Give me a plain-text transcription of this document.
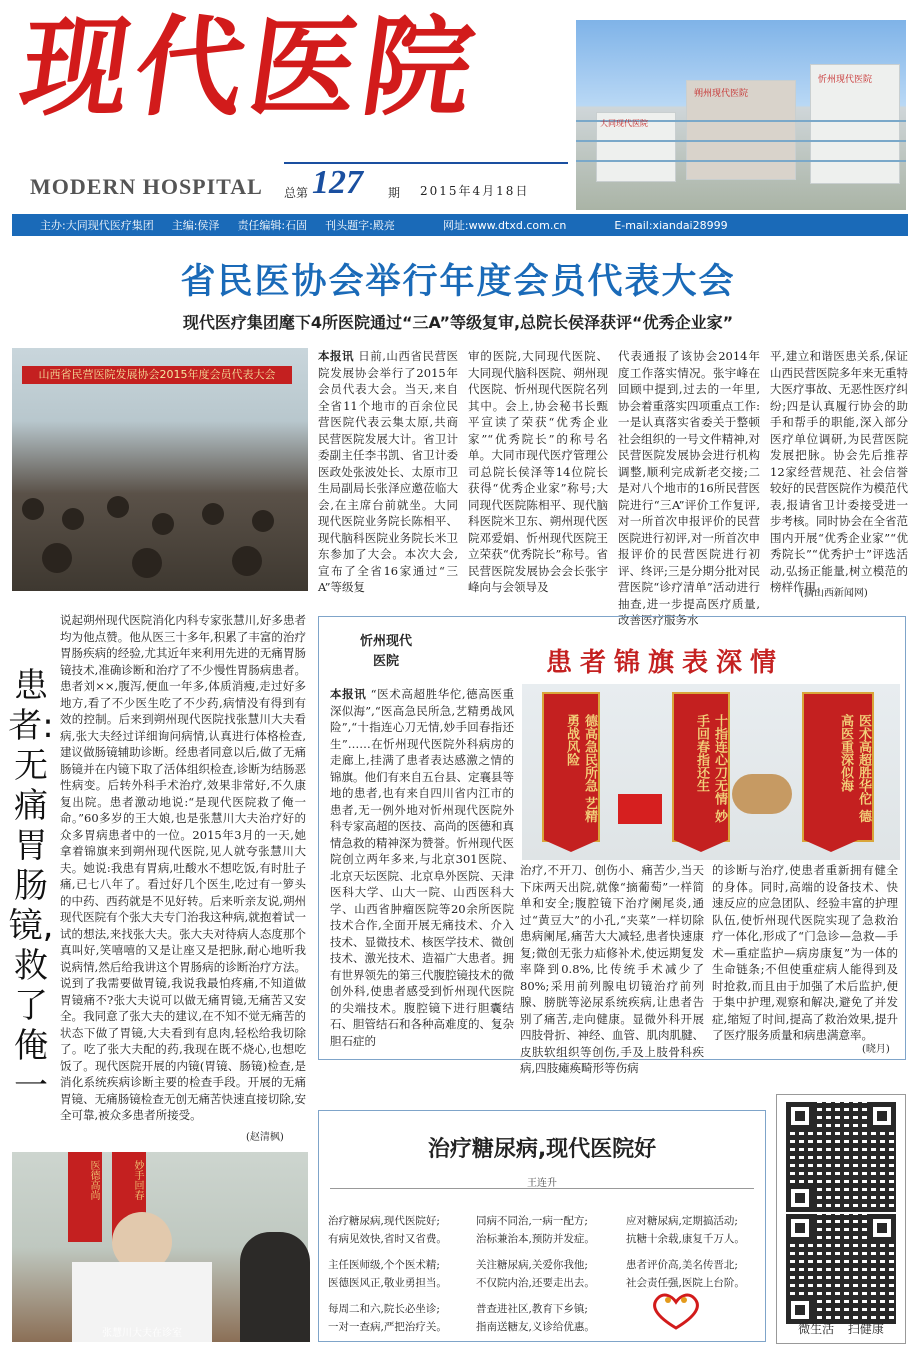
现代医院
MODERN HOSPITAL 总第 127 期 2015年4月18日
大同现代医院
朔州现代医院
忻州现代医院
主办:大同现代医疗集团 主编:侯泽 责任编辑:石固 刊头题字:殿亮	网址:www.dtxd.com.cn	E-mail:xiandai28999
省民医协会举行年度会员代表大会
现代医疗集团麾下4所医院通过“三A”等级复审,总院长侯泽获评“优秀企业家”
山西省民营医院发展协会2015年度会员代表大会
本报讯 日前,山西省民营医院发展协会举行了2015年会员代表大会。当天,来自全省11个地市的百余位民营医院代表云集太原,共商民营医院发展大计。省卫计委副主任李书凯、省卫计委医政处张波处长、太原市卫生局副局长张泽应邀莅临大会,在主席台前就坐。大同现代医院业务院长陈相平、现代脑科医院业务院长米卫东参加了大会。本次大会,宣布了全省16家通过“三A”等级复
审的医院,大同现代医院、大同现代脑科医院、朔州现代医院、忻州现代医院名列其中。会上,协会秘书长甄平宣读了荣获“优秀企业家”“优秀院长”的称号名单。大同市现代医疗管理公司总院长侯泽等14位院长获得“优秀企业家”称号;大同现代医院陈相平、现代脑科医院米卫东、朔州现代医院邓爱娟、忻州现代医院王立荣获“优秀院长”称号。省民营医院发展协会会长张宇峰向与会领导及
代表通报了该协会2014年度工作落实情况。张宇峰在回顾中提到,过去的一年里,协会着重落实四项重点工作:一是认真落实省委关于整顿社会组织的一号文件精神,对民营医院发展协会进行机构调整,顺利完成新老交接;二是对八个地市的16所民营医院进行“三A”评价工作复评,对一所首次申报评价的民营医院进行初评,对一所首次申报评价的民营医院进行初评、终评;三是分期分批对民营医院“诊疗清单”活动进行抽查,进一步提高医疗质量,改善医疗服务水
平,建立和谐医患关系,保证山西民营医院多年来无重特大医疗事故、无恶性医疗纠纷;四是认真履行协会的助手和帮手的职能,深入部分医疗单位调研,为民营医院发展把脉。协会先后推荐12家经营规范、社会信誉较好的民营医院作为模范代表,报请省卫计委接受进一步考核。同时协会在全省范围内开展“优秀企业家”“优秀院长”“优秀护士”评选活动,弘扬正能量,树立模范的榜样作用。
(摘山西新闻网)
患者:无痛胃肠镜,救了俺一
说起朔州现代医院消化内科专家张慧川,好多患者均为他点赞。他从医三十多年,积累了丰富的治疗胃肠疾病的经验,尤其近年来利用先进的无痛胃肠镜技术,准确诊断和治疗了不少慢性胃肠病患者。患者刘××,腹泻,便血一年多,体质消瘦,走过好多地方,看了不少医生吃了不少药,病情没有得到有效的控制。后来到朔州现代医院找张慧川大夫看病,张大夫经过详细询问病情,认真进行体格检查,建议做肠镜辅助诊断。经患者同意以后,做了无痛肠镜并在内镜下取了活体组织检查,诊断为结肠恶性病变。后转外科手术治疗,效果非常好,不久康复出院。患者激动地说:“是现代医院救了俺一命。”60多岁的王大娘,也是张慧川大夫治疗好的众多胃病患者中的一位。2015年3月的一天,她拿着锦旗来到朔州现代医院,见人就夸张慧川大夫。她说:我患有胃病,吐酸水不想吃饭,有时肚子痛,已七八年了。看过好几个医生,吃过有一箩头的中药、西药就是不见好转。后来听亲友说,朔州现代医院有个张大夫专门治我这种病,就抱着试一试的想法,来找张大夫。张大夫对待病人态度那个真叫好,笑嘻嘻的又是让座又是把脉,耐心地听我说病情,然后给我讲这个胃肠病的诊断治疗方法。说到了我需要做胃镜,我说我最怕疼痛,不知道做胃镜痛不?张大夫说可以做无痛胃镜,无痛苦又安全。我同意了张大夫的建议,在不知不觉无痛苦的状态下做了胃镜,大夫看到有息肉,轻松给我切除了。吃了张大夫配的药,我现在既不烧心,也想吃饭了。现代医院开展的内镜(胃镜、肠镜)检查,是消化系统疾病诊断主要的检查手段。开展的无痛胃镜、无痛肠镜检查无创无痛苦快速直接切除,安全可靠,被众多患者所接受。
(赵清枫)
医德高尚	妙手回春
张慧川大夫在诊室
忻州现代
医院	患者锦旗表深情
本报讯 “医术高超胜华佗,德高医重深似海”,“医高急民所急,艺精勇战风险”,“十指连心刀无情,妙手回春指还生”……在忻州现代医院外科病房的走廊上,挂满了患者表达感激之情的锦旗。他们有来自五台县、定襄县等地的患者,也有来自四川省内江市的患者,无一例外地对忻州现代医院外科专家高超的医技、高尚的医德和真情急救的精神深为赞誉。忻州现代医院创立两年多来,与北京301医院、北京天坛医院、北京阜外医院、天津医科大学、山大一院、山西医科大学、山西省肿瘤医院等20余所医院技术合作,全面开展无痛技术、介入技术、显微技术、核医学技术、微创技术、激光技术、造福广大患者。拥有世界领先的第三代腹腔镜技术的微创外科,使患者感受到忻州现代医院的尖端技术。腹腔镜下进行胆囊结石、胆管结石和各种高难度的、复杂胆石症的
德高急民所急 艺精勇战风险	十指连心刀无情 妙手回春指还生	医术高超胜华佗 德高医重深似海
治疗,不开刀、创伤小、痛苦少,当天下床两天出院,就像“摘葡萄”一样简单和安全;腹腔镜下治疗阑尾炎,通过“黄豆大”的小孔,“夹菜”一样切除患病阑尾,痛苦大大减轻,患者快速康复;微创无张力疝修补术,使远期复发率降到0.8%,比传统手术减少了80%;采用前列腺电切镜治疗前列腺、膀胱等泌尿系统疾病,让患者告别了痛苦,走向健康。显微外科开展四肢骨折、神经、血管、肌肉肌腱、皮肤软组织等创伤,手及上肢骨科疾病,四肢瘫痪畸形等伤病
的诊断与治疗,使患者重新拥有健全的身体。同时,高端的设备技术、快速反应的应急团队、经验丰富的护理队伍,使忻州现代医院实现了急救治疗一体化,形成了“门急诊—急救—手术—重症监护—病房康复”为一体的生命链条;不但使重症病人能得到及时抢救,而且由于加强了术后监护,便于集中护理,观察和解决,避免了并发症,缩短了时间,提高了救治效果,提升了医疗服务质量和病患满意率。
(晓月)
治疗糖尿病,现代医院好
王连升
治疗糖尿病,现代医院好;	同病不同治,一病一配方;	应对糖尿病,定期搞活动;
有病见效快,省时又省费。	治标兼治本,预防并发症。	抗糖十余载,康复千万人。
主任医师级,个个医术精;	关注糖尿病,关爱你我他;	患者评价高,美名传晋北;
医德医风正,敬业勇担当。	不仅院内治,还要走出去。	社会责任强,医院上台阶。
每周二和六,院长必坐诊;	普查进社区,教育下乡镇;
一对一查病,严把治疗关。	指南送糖友,义诊给优惠。	微生活 扫健康
